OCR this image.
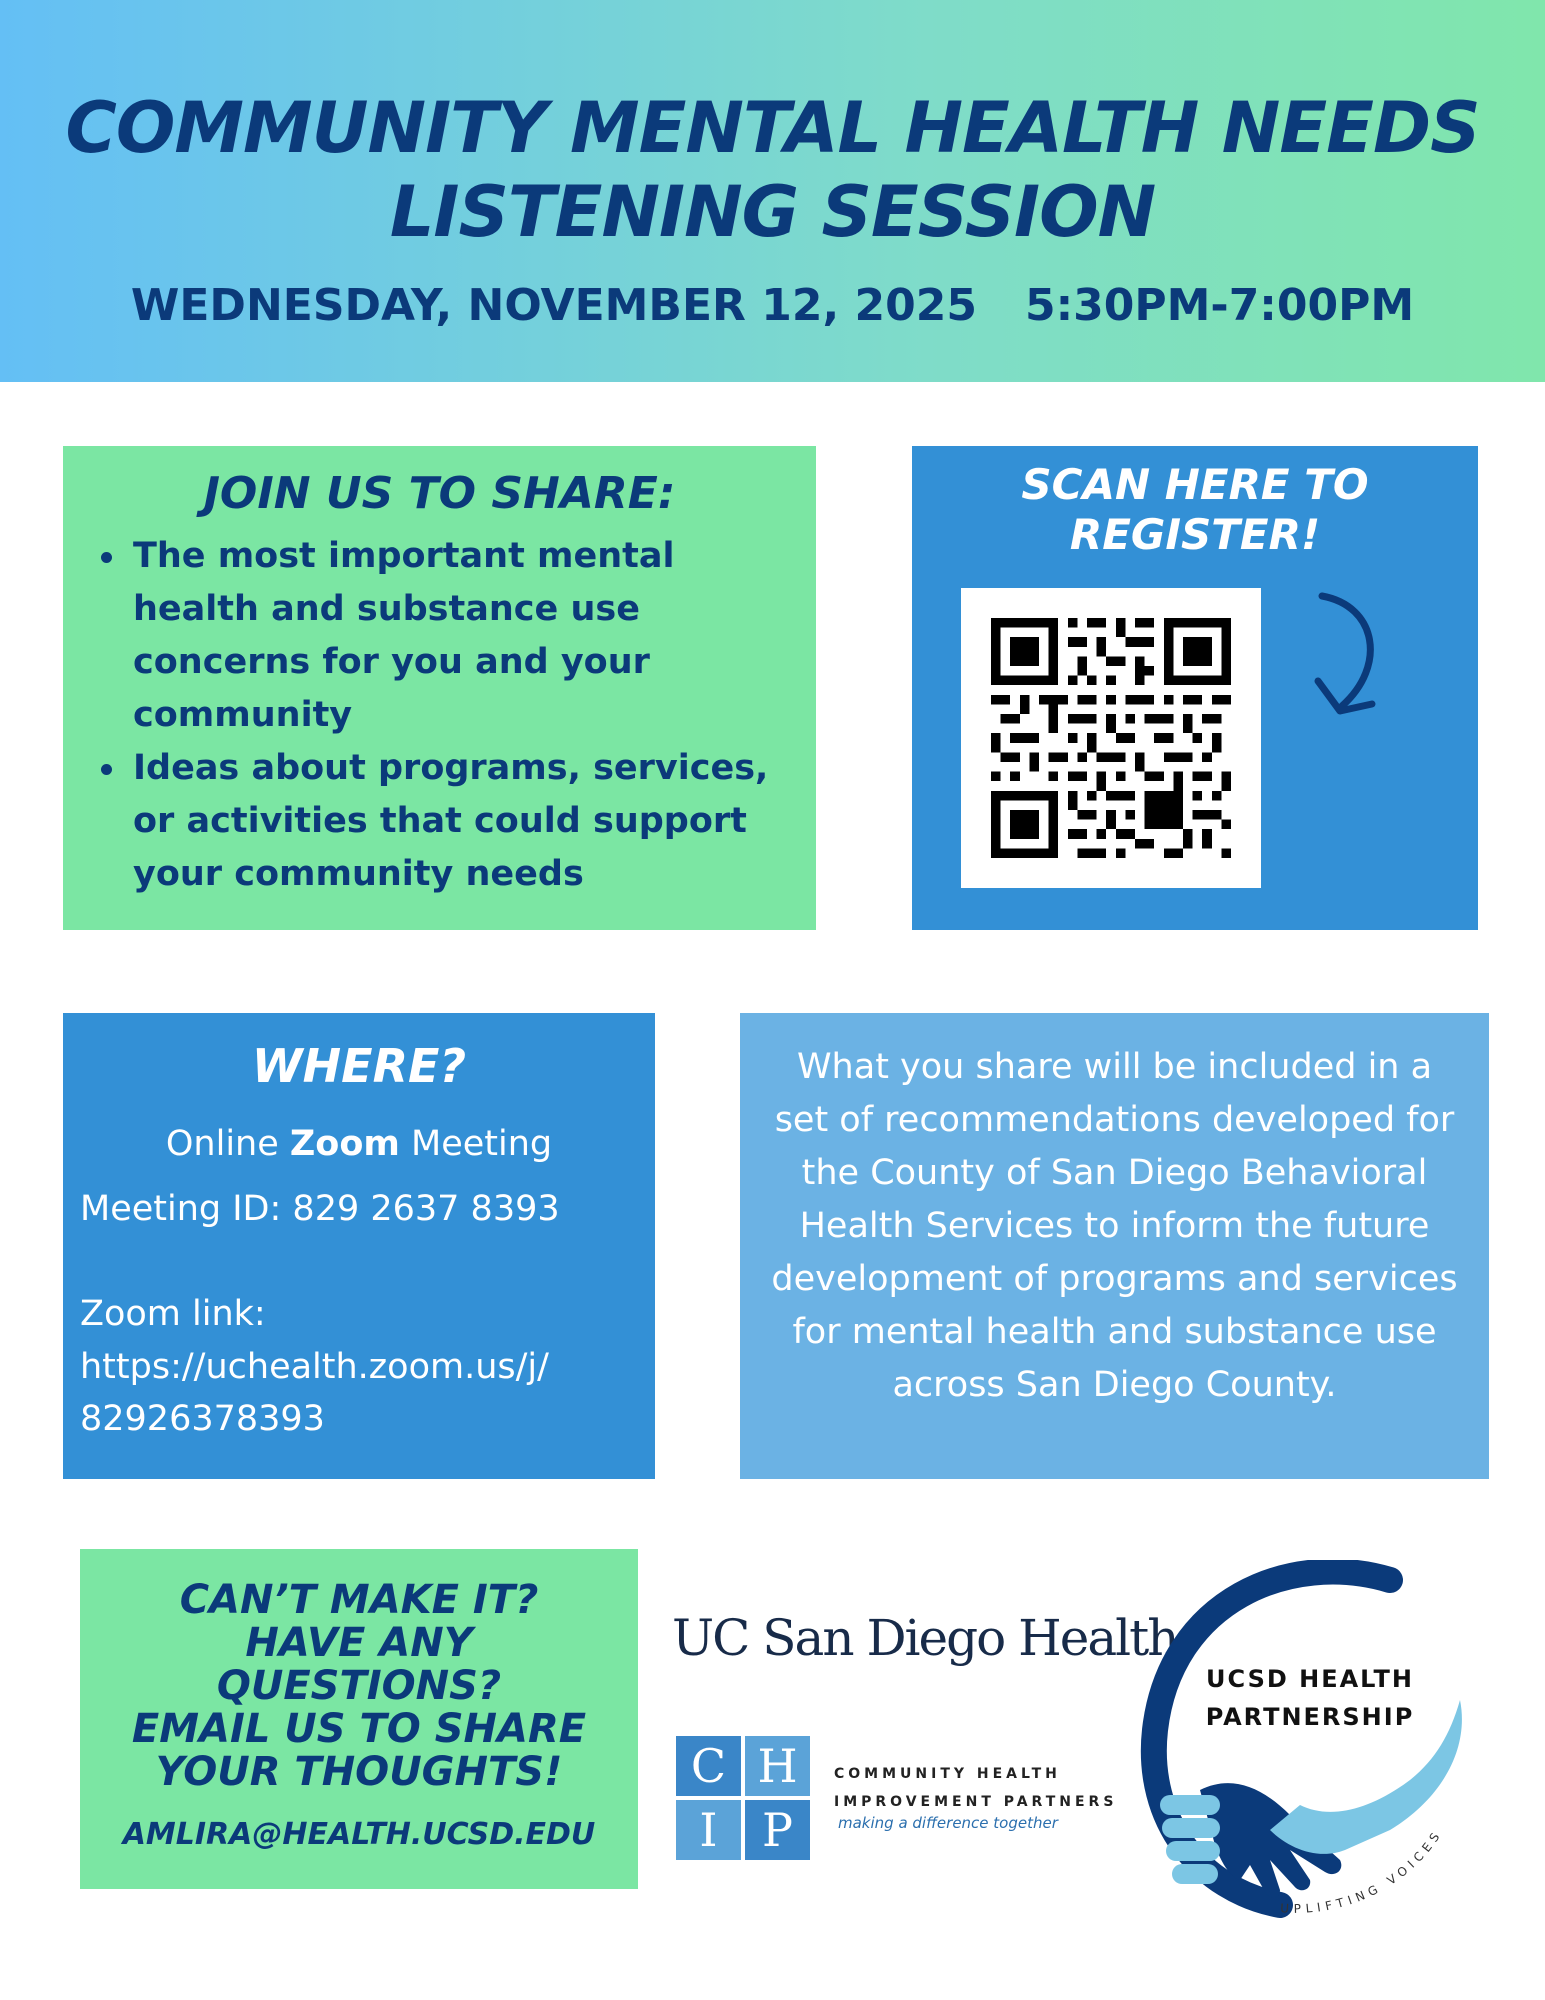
COMMUNITY MENTAL HEALTH NEEDS
LISTENING SESSION
WEDNESDAY, NOVEMBER 12, 2025 5:30PM-7:00PM
JOIN US TO SHARE:
The most important mental health and substance use concerns for you and your community
Ideas about programs, services, or activities that could support your community needs
SCAN HERE TO
REGISTER!
WHERE?
Online Zoom Meeting
Meeting ID: 829 2637 8393
Zoom link:
https://uchealth.zoom.us/j/
82926378393
What you share will be included in a set of recommendations developed for the County of San Diego Behavioral Health Services to inform the future development of programs and services for mental health and substance use across San Diego County.
CAN’T MAKE IT?
HAVE ANY
QUESTIONS?
EMAIL US TO SHARE
YOUR THOUGHTS!
AMLIRA@HEALTH.UCSD.EDU
UC San Diego Health
C H
I P
COMMUNITY HEALTH
IMPROVEMENT PARTNERS
making a difference together
UPLIFTING VOICES
UCSD HEALTH
PARTNERSHIP
